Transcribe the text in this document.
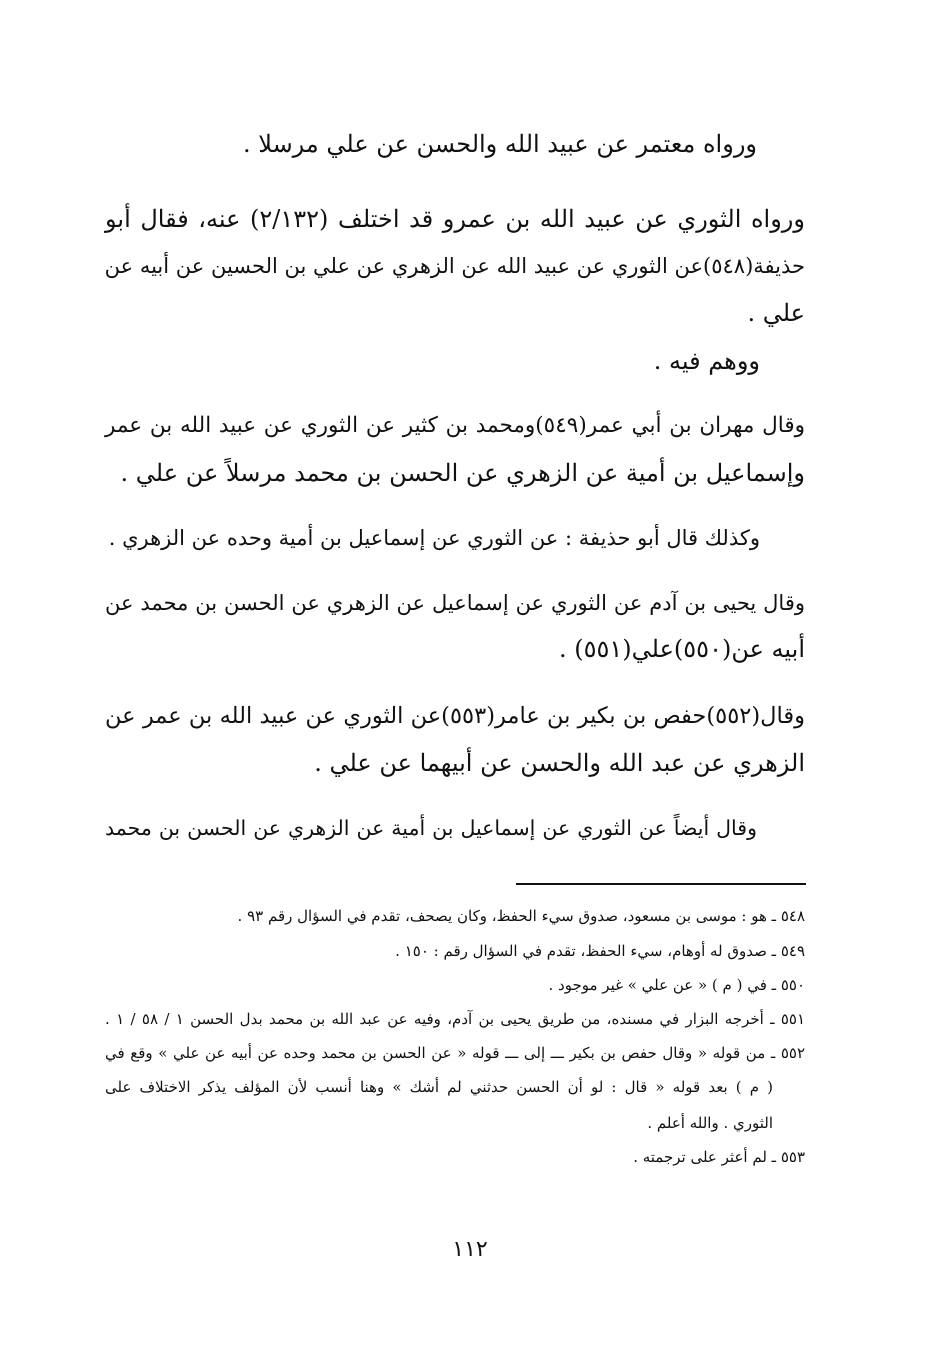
ورواه معتمر عن عبيد الله والحسن عن علي مرسلا .
ورواه الثوري عن عبيد الله بن عمرو قد اختلف (٢/١٣٢) عنه، فقال أبو
حذيفة(٥٤٨)عن الثوري عن عبيد الله عن الزهري عن علي بن الحسين عن أبيه عن
علي .
ووهم فيه .
وقال مهران بن أبي عمر(٥٤٩)ومحمد بن كثير عن الثوري عن عبيد الله بن عمر
وإسماعيل بن أمية عن الزهري عن الحسن بن محمد مرسلاً عن علي .
وكذلك قال أبو حذيفة : عن الثوري عن إسماعيل بن أمية وحده عن الزهري .
وقال يحيى بن آدم عن الثوري عن إسماعيل عن الزهري عن الحسن بن محمد عن
أبيه عن(٥٥٠)علي(٥٥١) .
وقال(٥٥٢)حفص بن بكير بن عامر(٥٥٣)عن الثوري عن عبيد الله بن عمر عن
الزهري عن عبد الله والحسن عن أبيهما عن علي .
وقال أيضاً عن الثوري عن إسماعيل بن أمية عن الزهري عن الحسن بن محمد
٥٤٨ ـ هو : موسى بن مسعود، صدوق سيء الحفظ، وكان يصحف، تقدم في السؤال رقم ٩٣ .
٥٤٩ ـ صدوق له أوهام، سيء الحفظ، تقدم في السؤال رقم : ١٥٠ .
٥٥٠ ـ في ( م ) « عن علي » غير موجود .
٥٥١ ـ أخرجه البزار في مسنده، من طريق يحيى بن آدم، وفيه عن عبد الله بن محمد بدل الحسن ١ / ٥٨ / ١ .
٥٥٢ ـ من قوله « وقال حفص بن بكير ـــ إلى ـــ قوله « عن الحسن بن محمد وحده عن أبيه عن علي » وقع في
( م ) بعد قوله « قال : لو أن الحسن حدثني لم أشك » وهنا أنسب لأن المؤلف يذكر الاختلاف على
الثوري . والله أعلم .
٥٥٣ ـ لم أعثر على ترجمته .
١١٢
